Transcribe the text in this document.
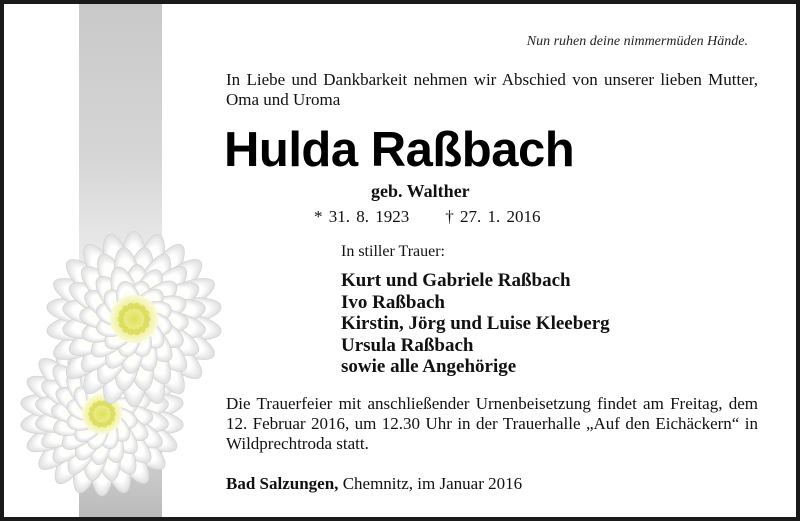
Nun ruhen deine nimmermüden Hände.
In Liebe und Dankbarkeit nehmen wir Abschied von unserer lieben Mutter, Oma und Uroma
Hulda Raßbach
geb. Walther
* 31. 8. 1923 † 27. 1. 2016
In stiller Trauer:
Kurt und Gabriele Raßbach
Ivo Raßbach
Kirstin, Jörg und Luise Kleeberg
Ursula Raßbach
sowie alle Angehörige
Die Trauerfeier mit anschließender Urnenbeisetzung findet am Freitag, dem 12. Februar 2016, um 12.30 Uhr in der Trauerhalle „Auf den Eichäckern“ in Wildprechtroda statt.
Bad Salzungen, Chemnitz, im Januar 2016
